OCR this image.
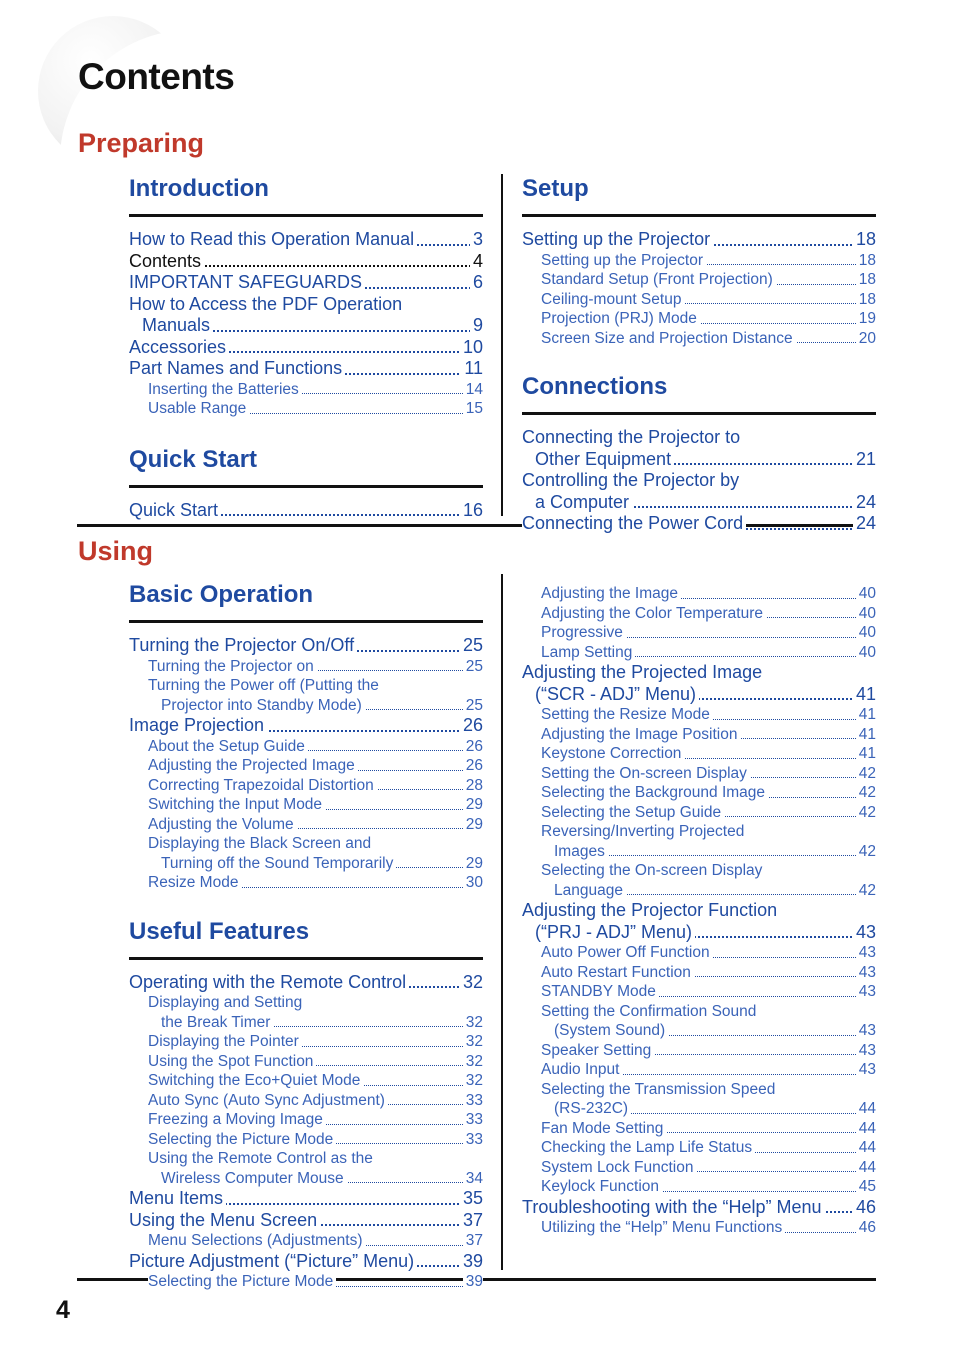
Contents
Preparing
Introduction
How to Read this Operation Manual	3
Contents	4
IMPORTANT SAFEGUARDS	6
How to Access the PDF Operation
Manuals	9
Accessories	10
Part Names and Functions	11
Inserting the Batteries	14
Usable Range	15
Quick Start
Quick Start	16
Setup
Setting up the Projector	18
Setting up the Projector	18
Standard Setup (Front Projection)	18
Ceiling-mount Setup	18
Projection (PRJ) Mode	19
Screen Size and Projection Distance	20
Connections
Connecting the Projector to
Other Equipment	21
Controlling the Projector by
a Computer	24
Connecting the Power Cord	24
Using
Basic Operation
Turning the Projector On/Off	25
Turning the Projector on	25
Turning the Power off (Putting the
Projector into Standby Mode)	25
Image Projection	26
About the Setup Guide	26
Adjusting the Projected Image	26
Correcting Trapezoidal Distortion	28
Switching the Input Mode	29
Adjusting the Volume	29
Displaying the Black Screen and
Turning off the Sound Temporarily	29
Resize Mode	30
Useful Features
Operating with the Remote Control	32
Displaying and Setting
the Break Timer	32
Displaying the Pointer	32
Using the Spot Function	32
Switching the Eco+Quiet Mode	32
Auto Sync (Auto Sync Adjustment)	33
Freezing a Moving Image	33
Selecting the Picture Mode	33
Using the Remote Control as the
Wireless Computer Mouse	34
Menu Items	35
Using the Menu Screen	37
Menu Selections (Adjustments)	37
Picture Adjustment (“Picture” Menu)	39
Selecting the Picture Mode	39
Adjusting the Image	40
Adjusting the Color Temperature	40
Progressive	40
Lamp Setting	40
Adjusting the Projected Image
(“SCR - ADJ” Menu)	41
Setting the Resize Mode	41
Adjusting the Image Position	41
Keystone Correction	41
Setting the On-screen Display	42
Selecting the Background Image	42
Selecting the Setup Guide	42
Reversing/Inverting Projected
Images	42
Selecting the On-screen Display
Language	42
Adjusting the Projector Function
(“PRJ - ADJ” Menu)	43
Auto Power Off Function	43
Auto Restart Function	43
STANDBY Mode	43
Setting the Confirmation Sound
(System Sound)	43
Speaker Setting	43
Audio Input	43
Selecting the Transmission Speed
(RS-232C)	44
Fan Mode Setting	44
Checking the Lamp Life Status	44
System Lock Function	44
Keylock Function	45
Troubleshooting with the “Help” Menu 46
Utilizing the “Help” Menu Functions	46

4
